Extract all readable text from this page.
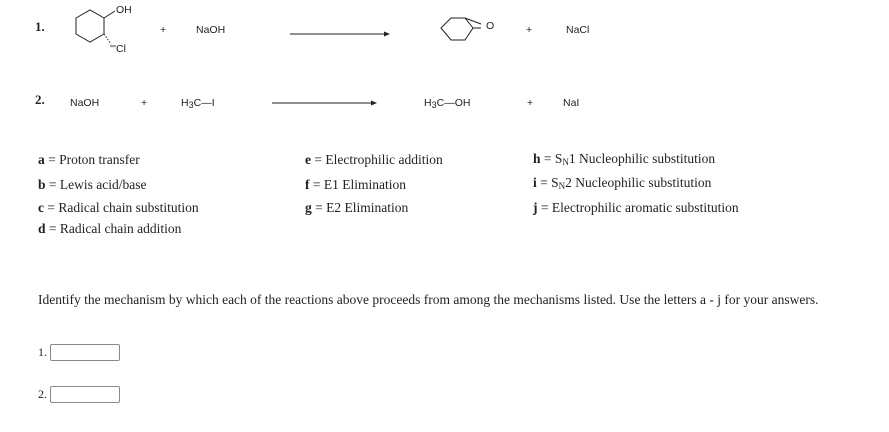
1.
OH
'''Cl
+	NaOH	O	+	NaCl
2. NaOH	+	H3C—I	H3C—OH	+	NaI
a = Proton transfer
b = Lewis acid/base
c = Radical chain substitution
d = Radical chain addition
e = Electrophilic addition
f = E1 Elimination
g = E2 Elimination
$h = S_N1$ Nucleophilic substitution
$i = S_N2$ Nucleophilic substitution
j = Electrophilic aromatic substitution
Identify the mechanism by which each of the reactions above proceeds from among the mechanisms listed. Use the letters a - j for your answers.
1.
2.
